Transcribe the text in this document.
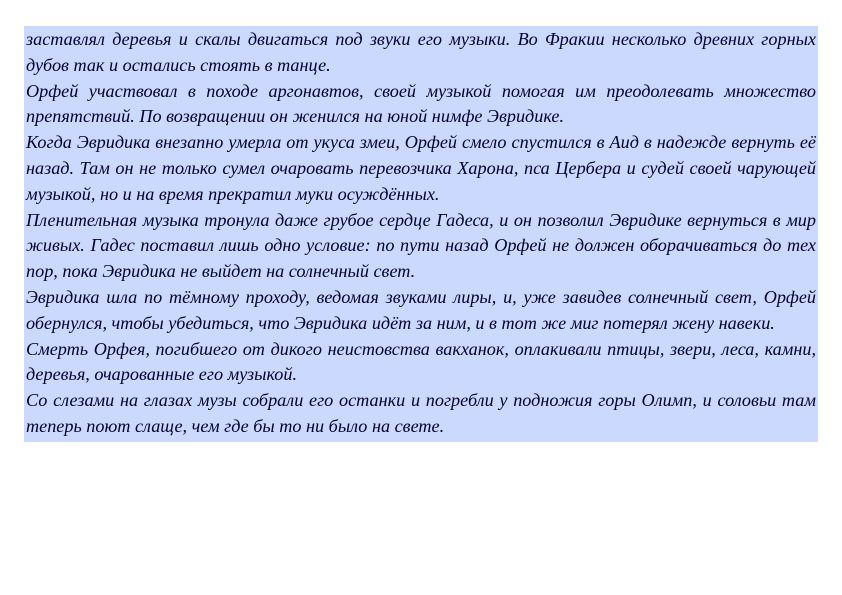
заставлял деревья и скалы двигаться под звуки его музыки. Во Фракии несколько древних горных дубов так и остались стоять в танце.

Орфей участвовал в походе аргонавтов, своей музыкой помогая им преодолевать множество препятствий. По возвращении он женился на юной нимфе Эвридике.

Когда Эвридика внезапно умерла от укуса змеи, Орфей смело спустился в Аид в надежде вернуть её назад. Там он не только сумел очаровать перевозчика Харона, пса Цербера и судей своей чарующей музыкой, но и на время прекратил муки осуждённых.

Пленительная музыка тронула даже грубое сердце Гадеса, и он позволил Эвридике вернуться в мир живых. Гадес поставил лишь одно условие: по пути назад Орфей не должен оборачиваться до тех пор, пока Эвридика не выйдет на солнечный свет.

Эвридика шла по тёмному проходу, ведомая звуками лиры, и, уже завидев солнечный свет, Орфей обернулся, чтобы убедиться, что Эвридика идёт за ним, и в тот же миг потерял жену навеки.

Смерть Орфея, погибшего от дикого неистовства вакханок, оплакивали птицы, звери, леса, камни, деревья, очарованные его музыкой.

Со слезами на глазах музы собрали его останки и погребли у подножия горы Олимп, и соловьи там теперь поют слаще, чем где бы то ни было на свете.
